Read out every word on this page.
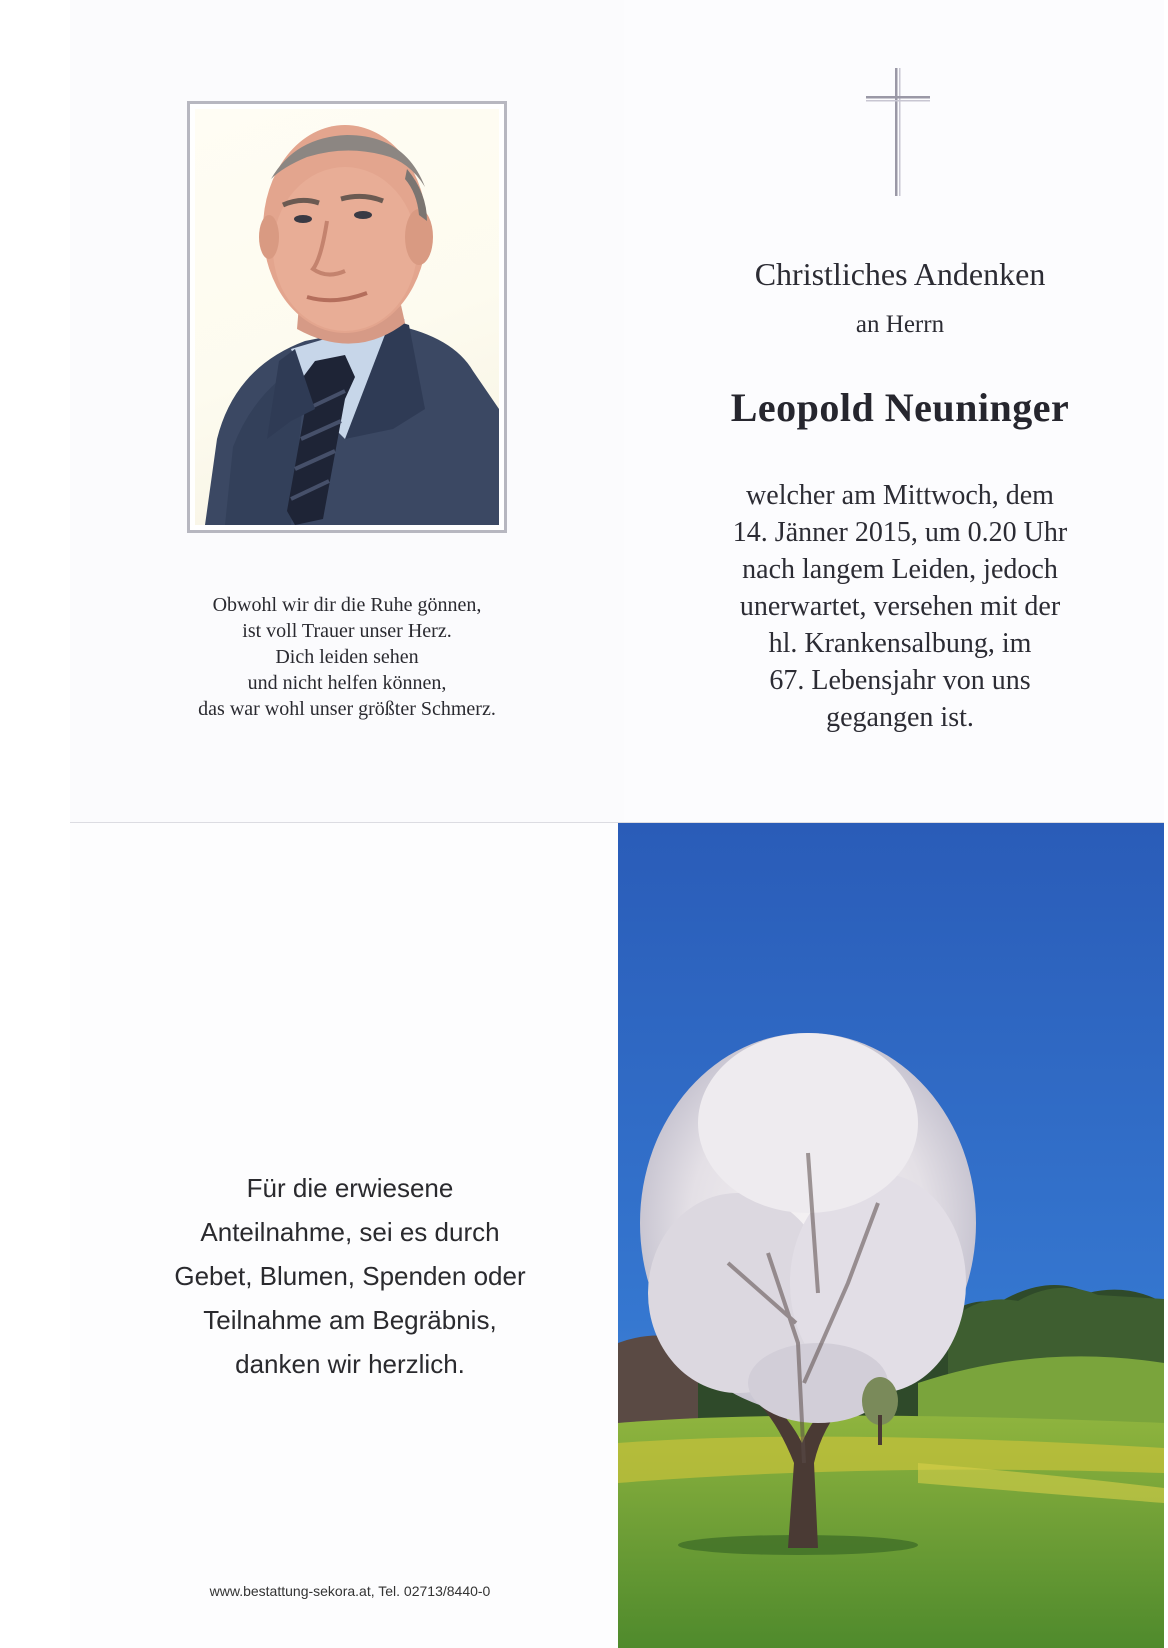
Obwohl wir dir die Ruhe gönnen,
ist voll Trauer unser Herz.
Dich leiden sehen
und nicht helfen können,
das war wohl unser größter Schmerz.
Christliches Andenken
an Herrn
Leopold Neuninger
welcher am Mittwoch, dem
14. Jänner 2015, um 0.20 Uhr
nach langem Leiden, jedoch
unerwartet, versehen mit der
hl. Krankensalbung, im
67. Lebensjahr von uns
gegangen ist.
Für die erwiesene
Anteilnahme, sei es durch
Gebet, Blumen, Spenden oder
Teilnahme am Begräbnis,
danken wir herzlich.
www.bestattung-sekora.at, Tel. 02713/8440-0
